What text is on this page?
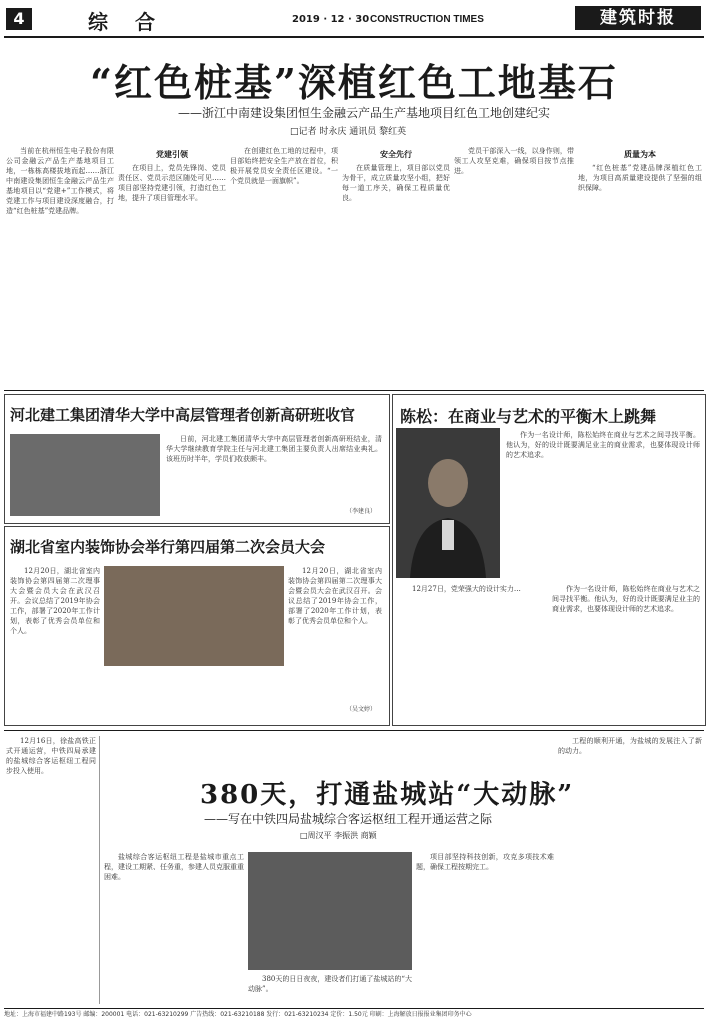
4	综 合	2019 · 12 · 30 CONSTRUCTION TIMES	建筑时报
“红色桩基”深植红色工地基石
——浙江中南建设集团恒生金融云产品生产基地项目红色工地创建纪实
□记者 时永庆 通讯员 黎红英

当前在杭州恒生电子股份有限公司金融云产品生产基地项目工地，一栋栋高楼拔地而起……浙江中南建设集团恒生金融云产品生产基地项目以“党建+”工作模式，将党建工作与项目建设深度融合，打造“红色桩基”党建品牌。

党建引领

在项目上，党员先锋岗、党员责任区、党员示范区随处可见……项目部坚持党建引领，打造红色工地，提升了项目管理水平。

在创建红色工地的过程中，项目部始终把安全生产放在首位，积极开展党员安全责任区建设。“一个党员就是一面旗帜”。

安全先行

在质量管理上，项目部以党员为骨干，成立质量攻坚小组，把好每一道工序关，确保工程质量优良。

党员干部深入一线，以身作则，带领工人攻坚克难，确保项目按节点推进。

质量为本

“红色桩基”党建品牌深植红色工地，为项目高质量建设提供了坚强的组织保障。

河北建工集团清华大学中高层管理者创新高研班收官

日前，河北建工集团清华大学中高层管理者创新高研班结业，清华大学继续教育学院主任与河北建工集团主要负责人出席结业典礼。该班历时半年，学员们收获颇丰。

（李建良）
陈松：在商业与艺术的平衡木上跳舞

作为一名设计师，陈松始终在商业与艺术之间寻找平衡。他认为，好的设计既要满足业主的商业需求，也要体现设计师的艺术追求。

12月27日，党荣强大的设计实力…	作为一名设计师，陈松始终在商业与艺术之间寻找平衡。他认为，好的设计既要满足业主的商业需求，也要体现设计师的艺术追求。

湖北省室内装饰协会举行第四届第二次会员大会

12月20日，湖北省室内装饰协会第四届第二次理事大会暨会员大会在武汉召开。会议总结了2019年协会工作，部署了2020年工作计划，表彰了优秀会员单位和个人。

12月20日，湖北省室内装饰协会第四届第二次理事大会暨会员大会在武汉召开。会议总结了2019年协会工作，部署了2020年工作计划，表彰了优秀会员单位和个人。

（吴文婷）

12月16日，徐盐高铁正式开通运营，中铁四局承建的盐城综合客运枢纽工程同步投入使用。

380天，打通盐城站“大动脉”
——写在中铁四局盐城综合客运枢纽工程开通运营之际
□周汉平 李振洪 商颖

盐城综合客运枢纽工程是盐城市重点工程，建设工期紧、任务重，参建人员克服重重困难。

380天的日日夜夜，建设者们打通了盐城站的“大动脉”。

项目部坚持科技创新，攻克多项技术难题，确保工程按期完工。

工程的顺利开通，为盐城的发展注入了新的动力。

地址：上海市福建中路193号 邮编：200001 电话：021-63210299 广告热线：021-63210188 发行：021-63210234 定价：1.50元 印刷：上海解放日报报业集团印务中心
